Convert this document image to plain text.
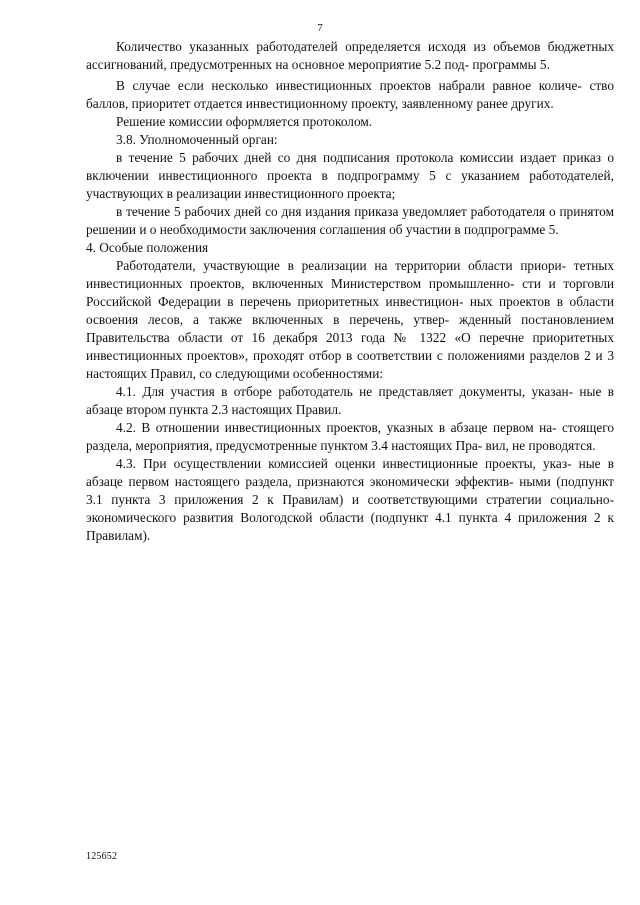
7

Количество указанных работодателей определяется исходя из объемов бюджетных ассигнований, предусмотренных на основное мероприятие 5.2 под- программы 5.

В случае если несколько инвестиционных проектов набрали равное количе- ство баллов, приоритет отдается инвестиционному проекту, заявленному ранее других.

Решение комиссии оформляется протоколом.

3.8. Уполномоченный орган:

в течение 5 рабочих дней со дня подписания протокола комиссии издает приказ о включении инвестиционного проекта в подпрограмму 5 с указанием работодателей, участвующих в реализации инвестиционного проекта;

в течение 5 рабочих дней со дня издания приказа уведомляет работодателя о принятом решении и о необходимости заключения соглашения об участии в подпрограмме 5.

4. Особые положения

Работодатели, участвующие в реализации на территории области приори- тетных инвестиционных проектов, включенных Министерством промышленно- сти и торговли Российской Федерации в перечень приоритетных инвестицион- ных проектов в области освоения лесов, а также включенных в перечень, утвер- жденный постановлением Правительства области от 16 декабря 2013 года № 1322 «О перечне приоритетных инвестиционных проектов», проходят отбор в соответствии с положениями разделов 2 и 3 настоящих Правил, со следующими особенностями:

4.1. Для участия в отборе работодатель не представляет документы, указан- ные в абзаце втором пункта 2.3 настоящих Правил.

4.2. В отношении инвестиционных проектов, указных в абзаце первом на- стоящего раздела, мероприятия, предусмотренные пунктом 3.4 настоящих Пра- вил, не проводятся.

4.3. При осуществлении комиссией оценки инвестиционные проекты, указ- ные в абзаце первом настоящего раздела, признаются экономически эффектив- ными (подпункт 3.1 пункта 3 приложения 2 к Правилам) и соответствующими стратегии социально-экономического развития Вологодской области (подпункт 4.1 пункта 4 приложения 2 к Правилам).

125652
